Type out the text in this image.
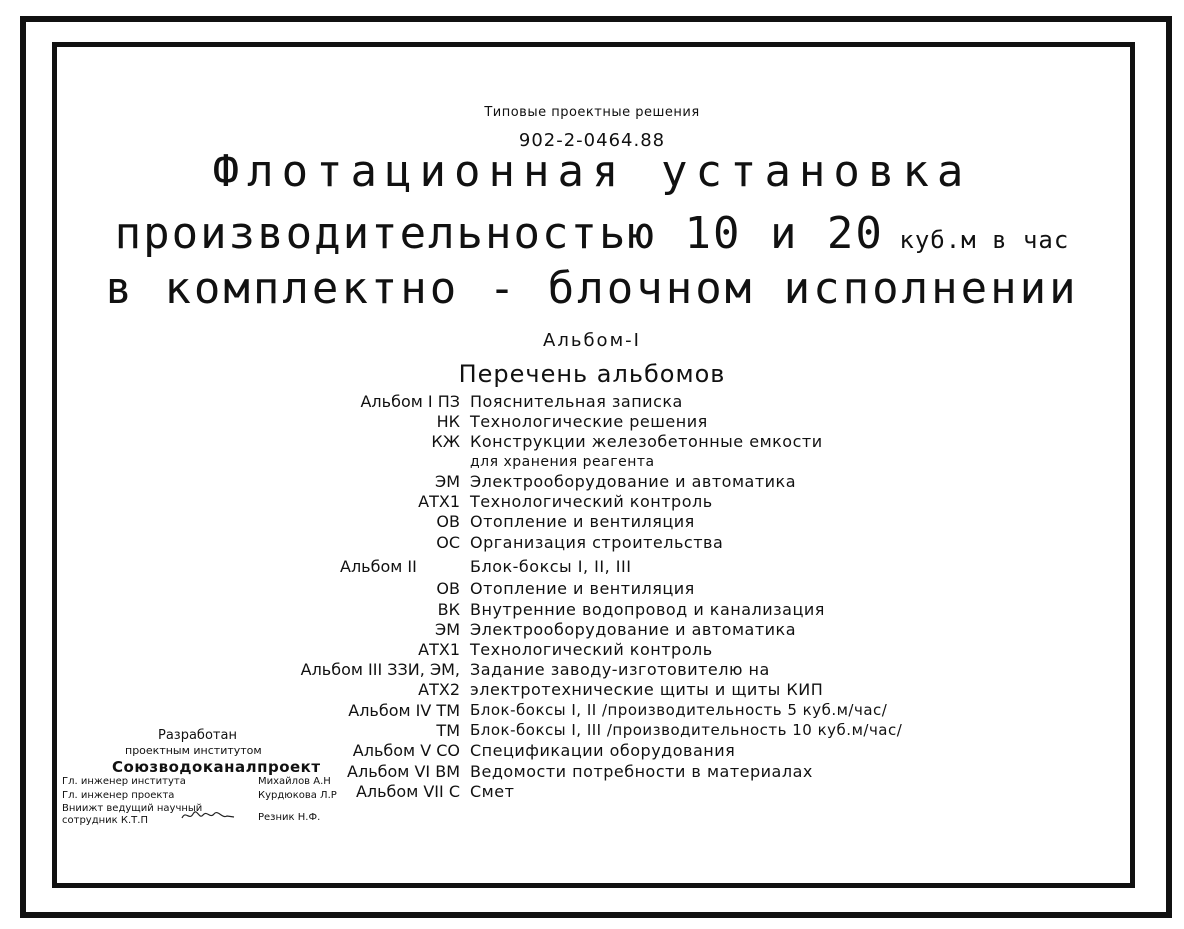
Типовые проектные решения
902-2-0464.88
Флотационная установка
производительностью 10 и 20 куб.м в час
в комплектно - блочном исполнении
Альбом-I
Перечень альбомов
Альбом I ПЗ Пояснительная записка
НК Технологические решения
КЖ Конструкции железобетонные емкости
для хранения реагента
ЭМ Электрооборудование и автоматика
АТХ1 Технологический контроль
ОВ Отопление и вентиляция
ОС Организация строительства
Альбом II	Блок-боксы I, II, III
ОВ Отопление и вентиляция
ВК Внутренние водопровод и канализация
ЭМ Электрооборудование и автоматика
АТХ1 Технологический контроль
Альбом III ЗЗИ, ЭМ, Задание заводу-изготовителю на
АТХ2 электротехнические щиты и щиты КИП
Альбом IV ТМ Блок-боксы I, II /производительность 5 куб.м/час/
ТМ Блок-боксы I, III /производительность 10 куб.м/час/
Альбом V СО Спецификации оборудования
Альбом VI ВМ Ведомости потребности в материалах
Альбом VII С Смет
Разработан
проектным институтом
Союзводоканалпроект
Гл. инженер института	Михайлов А.Н
Гл. инженер проекта	Курдюкова Л.Р
Вниижт ведущий научный
сотрудник К.Т.П	Резник Н.Ф.
